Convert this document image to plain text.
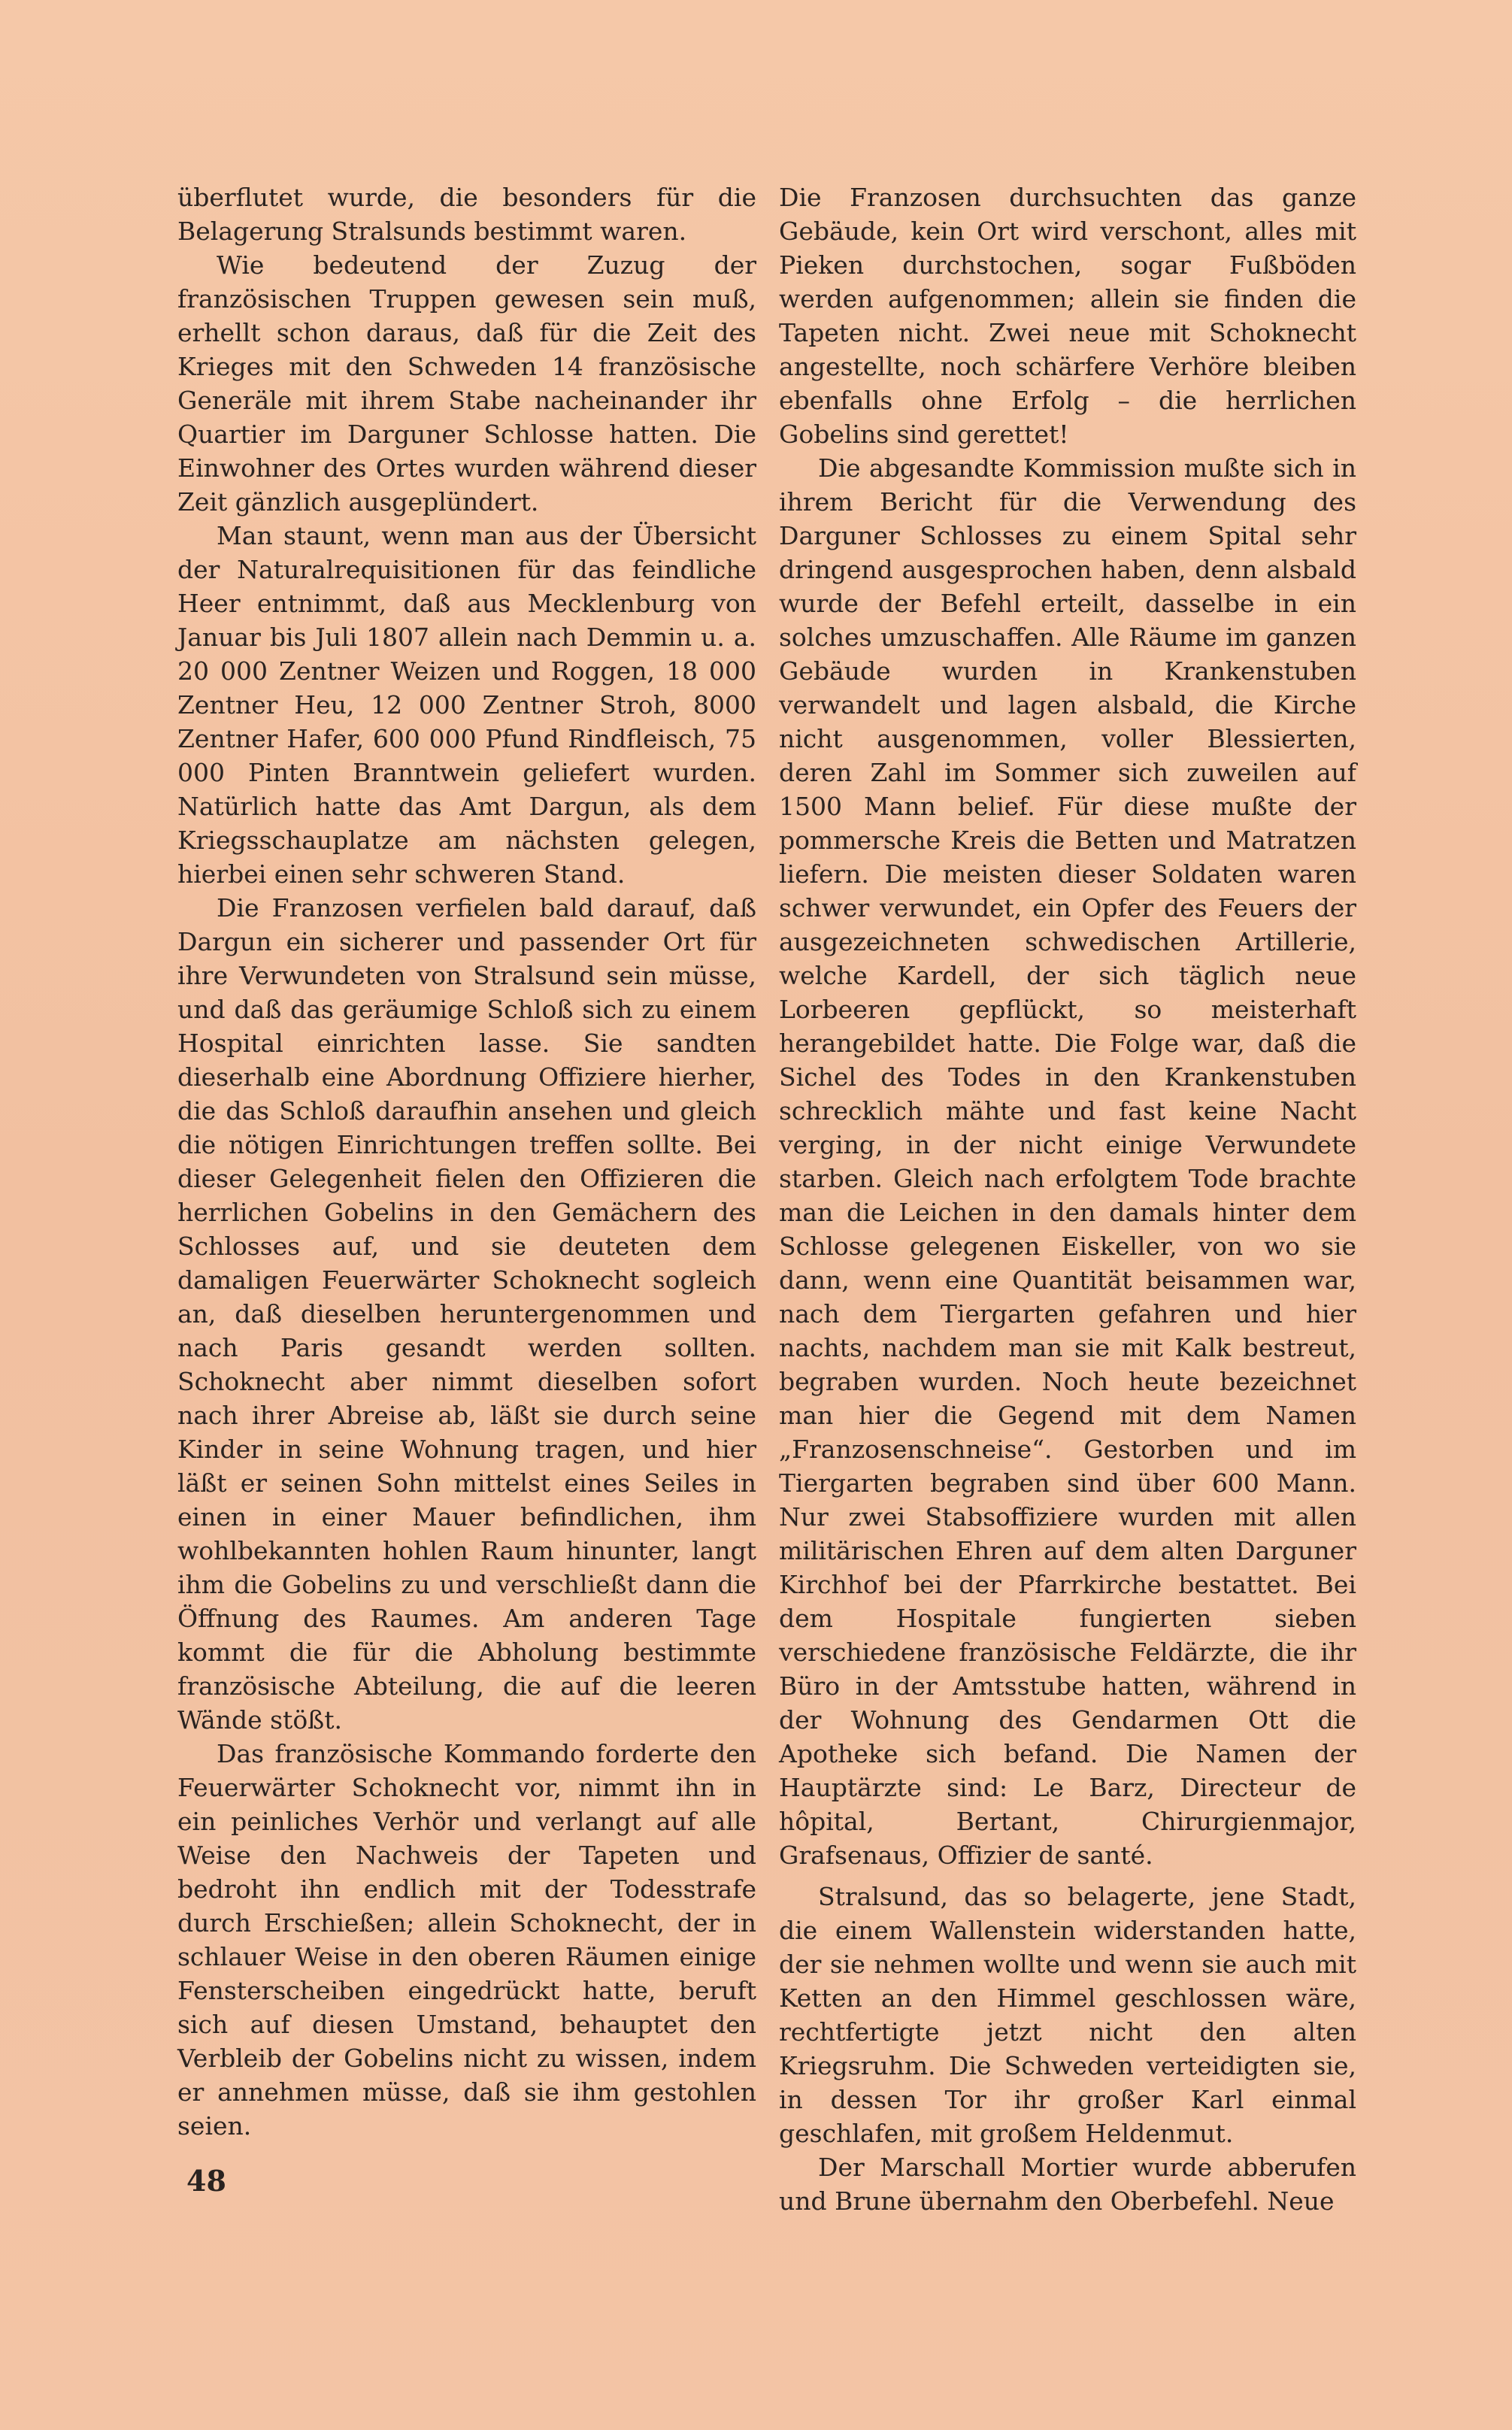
überflutet wurde, die besonders für die Belagerung Stralsunds bestimmt waren.

Wie bedeutend der Zuzug der französischen Truppen gewesen sein muß, erhellt schon daraus, daß für die Zeit des Krieges mit den Schweden 14 französische Generäle mit ihrem Stabe nacheinander ihr Quartier im Darguner Schlosse hatten. Die Einwohner des Ortes wurden während dieser Zeit gänzlich ausgeplündert.

Man staunt, wenn man aus der Übersicht der Naturalrequisitionen für das feindliche Heer entnimmt, daß aus Mecklenburg von Januar bis Juli 1807 allein nach Demmin u. a. 20 000 Zentner Weizen und Roggen, 18 000 Zentner Heu, 12 000 Zentner Stroh, 8000 Zentner Hafer, 600 000 Pfund Rindfleisch, 75 000 Pinten Branntwein geliefert wurden. Natürlich hatte das Amt Dargun, als dem Kriegsschauplatze am nächsten gelegen, hierbei einen sehr schweren Stand.

Die Franzosen verfielen bald darauf, daß Dargun ein sicherer und passender Ort für ihre Verwundeten von Stralsund sein müsse, und daß das geräumige Schloß sich zu einem Hospital einrichten lasse. Sie sandten dieserhalb eine Abordnung Offiziere hierher, die das Schloß daraufhin ansehen und gleich die nötigen Einrichtungen treffen sollte. Bei dieser Gelegenheit fielen den Offizieren die herrlichen Gobelins in den Gemächern des Schlosses auf, und sie deuteten dem damaligen Feuerwärter Schoknecht sogleich an, daß dieselben heruntergenommen und nach Paris gesandt werden sollten. Schoknecht aber nimmt dieselben sofort nach ihrer Abreise ab, läßt sie durch seine Kinder in seine Wohnung tragen, und hier läßt er seinen Sohn mittelst eines Seiles in einen in einer Mauer befindlichen, ihm wohlbekannten hohlen Raum hinunter, langt ihm die Gobelins zu und verschließt dann die Öffnung des Raumes. Am anderen Tage kommt die für die Abholung bestimmte französische Abteilung, die auf die leeren Wände stößt.

Das französische Kommando forderte den Feuerwärter Schoknecht vor, nimmt ihn in ein peinliches Verhör und verlangt auf alle Weise den Nachweis der Tapeten und bedroht ihn endlich mit der Todesstrafe durch Erschießen; allein Schoknecht, der in schlauer Weise in den oberen Räumen einige Fensterscheiben eingedrückt hatte, beruft sich auf diesen Umstand, behauptet den Verbleib der Gobelins nicht zu wissen, indem er annehmen müsse, daß sie ihm gestohlen seien.

Die Franzosen durchsuchten das ganze Gebäude, kein Ort wird verschont, alles mit Pieken durchstochen, sogar Fußböden werden aufgenommen; allein sie finden die Tapeten nicht. Zwei neue mit Schoknecht angestellte, noch schärfere Verhöre bleiben ebenfalls ohne Erfolg – die herrlichen Gobelins sind gerettet!

Die abgesandte Kommission mußte sich in ihrem Bericht für die Verwendung des Darguner Schlosses zu einem Spital sehr dringend ausgesprochen haben, denn alsbald wurde der Befehl erteilt, dasselbe in ein solches umzuschaffen. Alle Räume im ganzen Gebäude wurden in Krankenstuben verwandelt und lagen alsbald, die Kirche nicht ausgenommen, voller Blessierten, deren Zahl im Sommer sich zuweilen auf 1500 Mann belief. Für diese mußte der pommersche Kreis die Betten und Matratzen liefern. Die meisten dieser Soldaten waren schwer verwundet, ein Opfer des Feuers der ausgezeichneten schwedischen Artillerie, welche Kardell, der sich täglich neue Lorbeeren gepflückt, so meisterhaft herangebildet hatte. Die Folge war, daß die Sichel des Todes in den Krankenstuben schrecklich mähte und fast keine Nacht verging, in der nicht einige Verwundete starben. Gleich nach erfolgtem Tode brachte man die Leichen in den damals hinter dem Schlosse gelegenen Eiskeller, von wo sie dann, wenn eine Quantität beisammen war, nach dem Tiergarten gefahren und hier nachts, nachdem man sie mit Kalk bestreut, begraben wurden. Noch heute bezeichnet man hier die Gegend mit dem Namen „Franzosenschneise“. Gestorben und im Tiergarten begraben sind über 600 Mann. Nur zwei Stabsoffiziere wurden mit allen militärischen Ehren auf dem alten Darguner Kirchhof bei der Pfarrkirche bestattet. Bei dem Hospitale fungierten sieben verschiedene französische Feldärzte, die ihr Büro in der Amtsstube hatten, während in der Wohnung des Gendarmen Ott die Apotheke sich befand. Die Namen der Hauptärzte sind: Le Barz, Directeur de hôpital, Bertant, Chirurgienmajor, Grafsenaus, Offizier de santé.

Stralsund, das so belagerte, jene Stadt, die einem Wallenstein widerstanden hatte, der sie nehmen wollte und wenn sie auch mit Ketten an den Himmel geschlossen wäre, rechtfertigte jetzt nicht den alten Kriegsruhm. Die Schweden verteidigten sie, in dessen Tor ihr großer Karl einmal geschlafen, mit großem Heldenmut.

Der Marschall Mortier wurde abberufen und Brune übernahm den Oberbefehl. Neue

48
